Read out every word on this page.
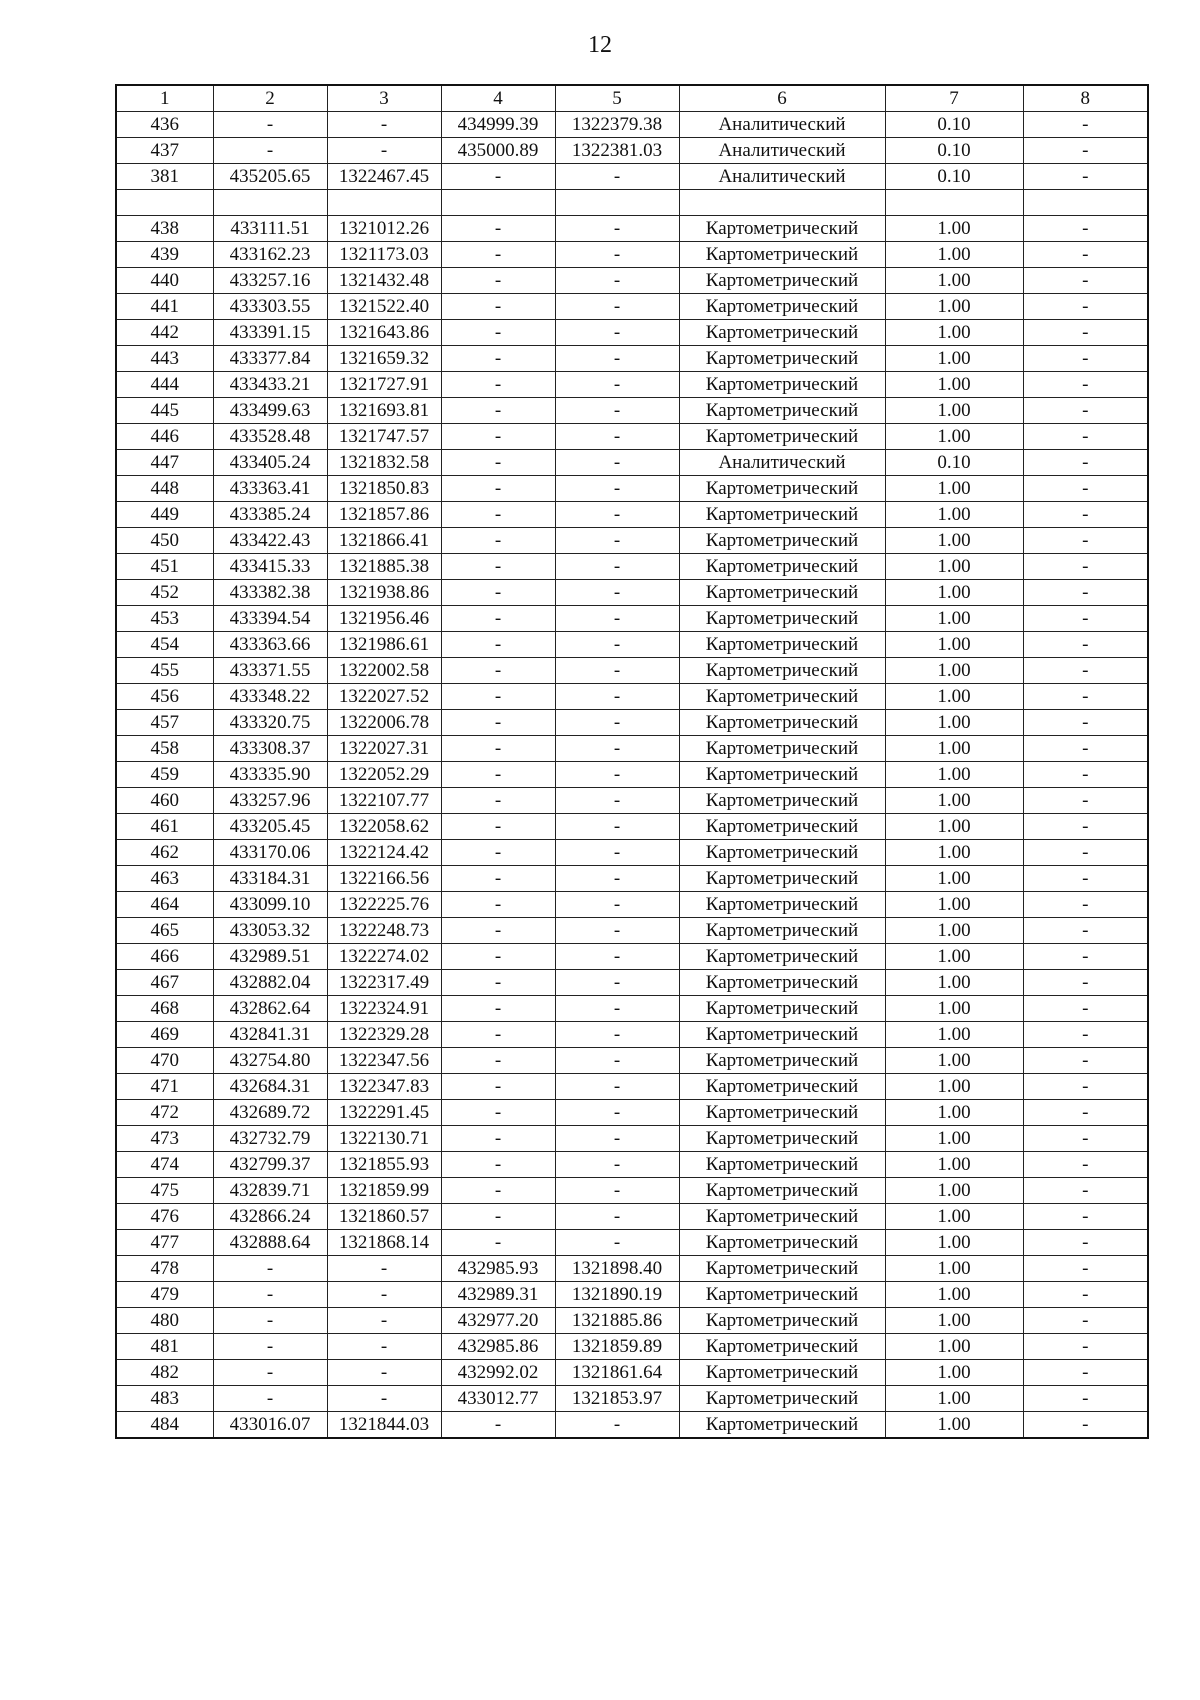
12
1	2	3	4	5	6	7	8
436	-	-	434999.39	1322379.38	Аналитический	0.10	-
437	-	-	435000.89	1322381.03	Аналитический	0.10	-
381	435205.65	1322467.45	-	-	Аналитический	0.10	-

438	433111.51	1321012.26	-	-	Картометрический	1.00	-
439	433162.23	1321173.03	-	-	Картометрический	1.00	-
440	433257.16	1321432.48	-	-	Картометрический	1.00	-
441	433303.55	1321522.40	-	-	Картометрический	1.00	-
442	433391.15	1321643.86	-	-	Картометрический	1.00	-
443	433377.84	1321659.32	-	-	Картометрический	1.00	-
444	433433.21	1321727.91	-	-	Картометрический	1.00	-
445	433499.63	1321693.81	-	-	Картометрический	1.00	-
446	433528.48	1321747.57	-	-	Картометрический	1.00	-
447	433405.24	1321832.58	-	-	Аналитический	0.10	-
448	433363.41	1321850.83	-	-	Картометрический	1.00	-
449	433385.24	1321857.86	-	-	Картометрический	1.00	-
450	433422.43	1321866.41	-	-	Картометрический	1.00	-
451	433415.33	1321885.38	-	-	Картометрический	1.00	-
452	433382.38	1321938.86	-	-	Картометрический	1.00	-
453	433394.54	1321956.46	-	-	Картометрический	1.00	-
454	433363.66	1321986.61	-	-	Картометрический	1.00	-
455	433371.55	1322002.58	-	-	Картометрический	1.00	-
456	433348.22	1322027.52	-	-	Картометрический	1.00	-
457	433320.75	1322006.78	-	-	Картометрический	1.00	-
458	433308.37	1322027.31	-	-	Картометрический	1.00	-
459	433335.90	1322052.29	-	-	Картометрический	1.00	-
460	433257.96	1322107.77	-	-	Картометрический	1.00	-
461	433205.45	1322058.62	-	-	Картометрический	1.00	-
462	433170.06	1322124.42	-	-	Картометрический	1.00	-
463	433184.31	1322166.56	-	-	Картометрический	1.00	-
464	433099.10	1322225.76	-	-	Картометрический	1.00	-
465	433053.32	1322248.73	-	-	Картометрический	1.00	-
466	432989.51	1322274.02	-	-	Картометрический	1.00	-
467	432882.04	1322317.49	-	-	Картометрический	1.00	-
468	432862.64	1322324.91	-	-	Картометрический	1.00	-
469	432841.31	1322329.28	-	-	Картометрический	1.00	-
470	432754.80	1322347.56	-	-	Картометрический	1.00	-
471	432684.31	1322347.83	-	-	Картометрический	1.00	-
472	432689.72	1322291.45	-	-	Картометрический	1.00	-
473	432732.79	1322130.71	-	-	Картометрический	1.00	-
474	432799.37	1321855.93	-	-	Картометрический	1.00	-
475	432839.71	1321859.99	-	-	Картометрический	1.00	-
476	432866.24	1321860.57	-	-	Картометрический	1.00	-
477	432888.64	1321868.14	-	-	Картометрический	1.00	-
478	-	-	432985.93	1321898.40	Картометрический	1.00	-
479	-	-	432989.31	1321890.19	Картометрический	1.00	-
480	-	-	432977.20	1321885.86	Картометрический	1.00	-
481	-	-	432985.86	1321859.89	Картометрический	1.00	-
482	-	-	432992.02	1321861.64	Картометрический	1.00	-
483	-	-	433012.77	1321853.97	Картометрический	1.00	-
484	433016.07	1321844.03	-	-	Картометрический	1.00	-
